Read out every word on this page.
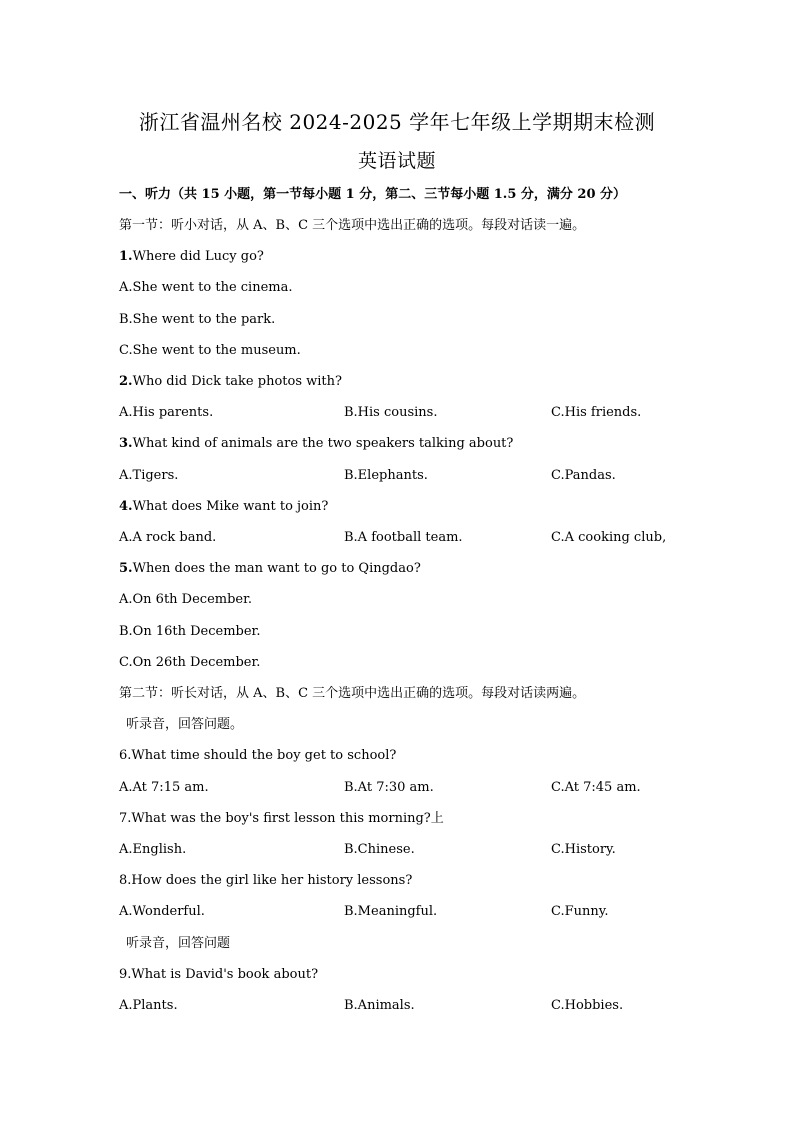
浙江省温州名校 2024-2025 学年七年级上学期期末检测
英语试题
一、听力（共 15 小题，第一节每小题 1 分，第二、三节每小题 1.5 分，满分 20 分）
第一节：听小对话，从 A、B、C 三个选项中选出正确的选项。每段对话读一遍。
1.Where did Lucy go?
A.She went to the cinema.
B.She went to the park.
C.She went to the museum.
2.Who did Dick take photos with?
A.His parents.	B.His cousins.	C.His friends.
3.What kind of animals are the two speakers talking about?
A.Tigers.	B.Elephants.	C.Pandas.
4.What does Mike want to join?
A.A rock band.	B.A football team.	C.A cooking club,
5.When does the man want to go to Qingdao?
A.On 6th December.
B.On 16th December.
C.On 26th December.
第二节：听长对话，从 A、B、C 三个选项中选出正确的选项。每段对话读两遍。
听录音，回答问题。
6.What time should the boy get to school?
A.At 7:15 am.	B.At 7:30 am.	C.At 7:45 am.
7.What was the boy's first lesson this morning?上
A.English.	B.Chinese.	C.History.
8.How does the girl like her history lessons?
A.Wonderful.	B.Meaningful.	C.Funny.
听录音，回答问题
9.What is David's book about?
A.Plants.	B.Animals.	C.Hobbies.
